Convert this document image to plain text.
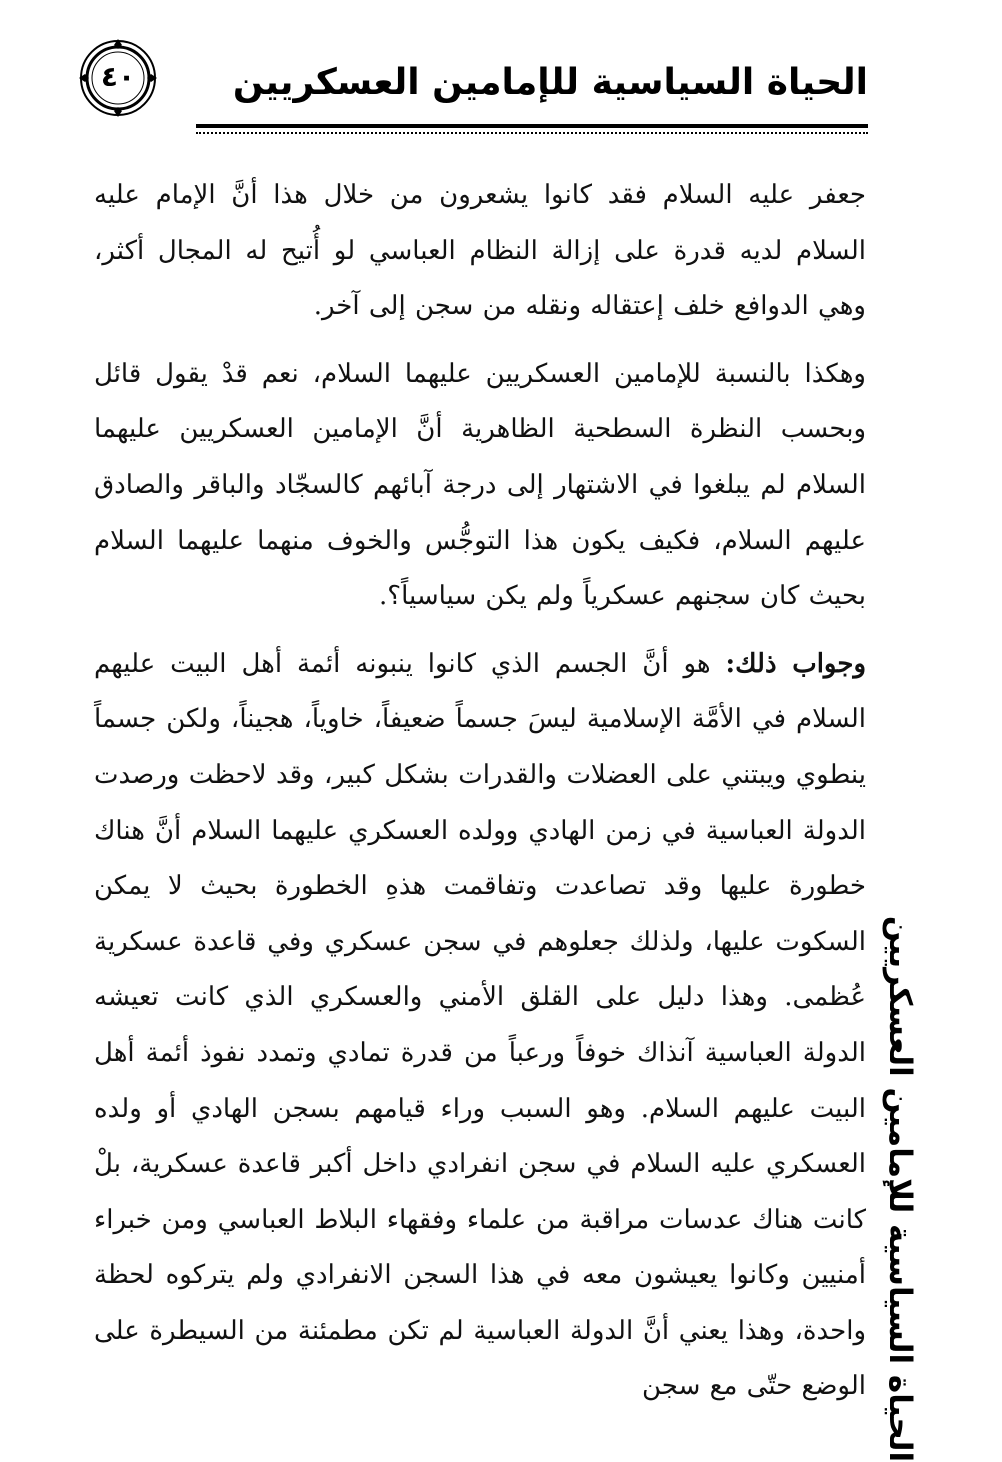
٤٠	الحياة السياسية للإمامين العسكريين

جعفر عليه السلام فقد كانوا يشعرون من خلال هذا أنَّ الإمام عليه السلام لديه قدرة على إزالة النظام العباسي لو أُتيح له المجال أكثر، وهي الدوافع خلف إعتقاله ونقله من سجن إلى آخر.

وهكذا بالنسبة للإمامين العسكريين عليهما السلام، نعم قدْ يقول قائل وبحسب النظرة السطحية الظاهرية أنَّ الإمامين العسكريين عليهما السلام لم يبلغوا في الاشتهار إلى درجة آبائهم كالسجّاد والباقر والصادق عليهم السلام، فكيف يكون هذا التوجُّس والخوف منهما عليهما السلام بحيث كان سجنهم عسكرياً ولم يكن سياسياً؟.

وجواب ذلك: هو أنَّ الجسم الذي كانوا ينبونه أئمة أهل البيت عليهم السلام في الأمَّة الإسلامية ليسَ جسماً ضعيفاً، خاوياً، هجيناً، ولكن جسماً ينطوي ويبتني على العضلات والقدرات بشكل كبير، وقد لاحظت ورصدت الدولة العباسية في زمن الهادي وولده العسكري عليهما السلام أنَّ هناك خطورة عليها وقد تصاعدت وتفاقمت هذهِ الخطورة بحيث لا يمكن السكوت عليها، ولذلك جعلوهم في سجن عسكري وفي قاعدة عسكرية عُظمى. وهذا دليل على القلق الأمني والعسكري الذي كانت تعيشه الدولة العباسية آنذاك خوفاً ورعباً من قدرة تمادي وتمدد نفوذ أئمة أهل البيت عليهم السلام. وهو السبب وراء قيامهم بسجن الهادي أو ولده العسكري عليه السلام في سجن انفرادي داخل أكبر قاعدة عسكرية، بلْ كانت هناك عدسات مراقبة من علماء وفقهاء البلاط العباسي ومن خبراء أمنيين وكانوا يعيشون معه في هذا السجن الانفرادي ولم يتركوه لحظة واحدة، وهذا يعني أنَّ الدولة العباسية لم تكن مطمئنة من السيطرة على الوضع حتّى مع سجن الحياة السياسية للإمامين العسكريين
